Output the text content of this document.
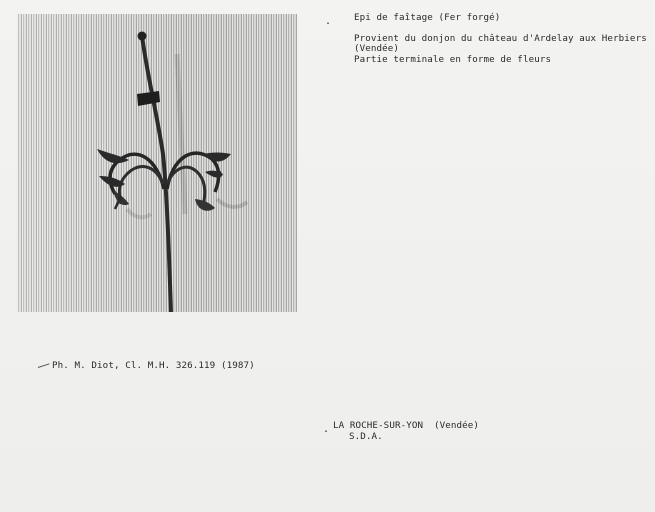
. Epi de faîtage (Fer forgé)
Provient du donjon du château d'Ardelay aux Herbiers
(Vendée)
Partie terminale en forme de fleurs
Ph. M. Diot, Cl. M.H. 326.119 (1987)
. LA ROCHE-SUR-YON (Vendée)
S.D.A.
